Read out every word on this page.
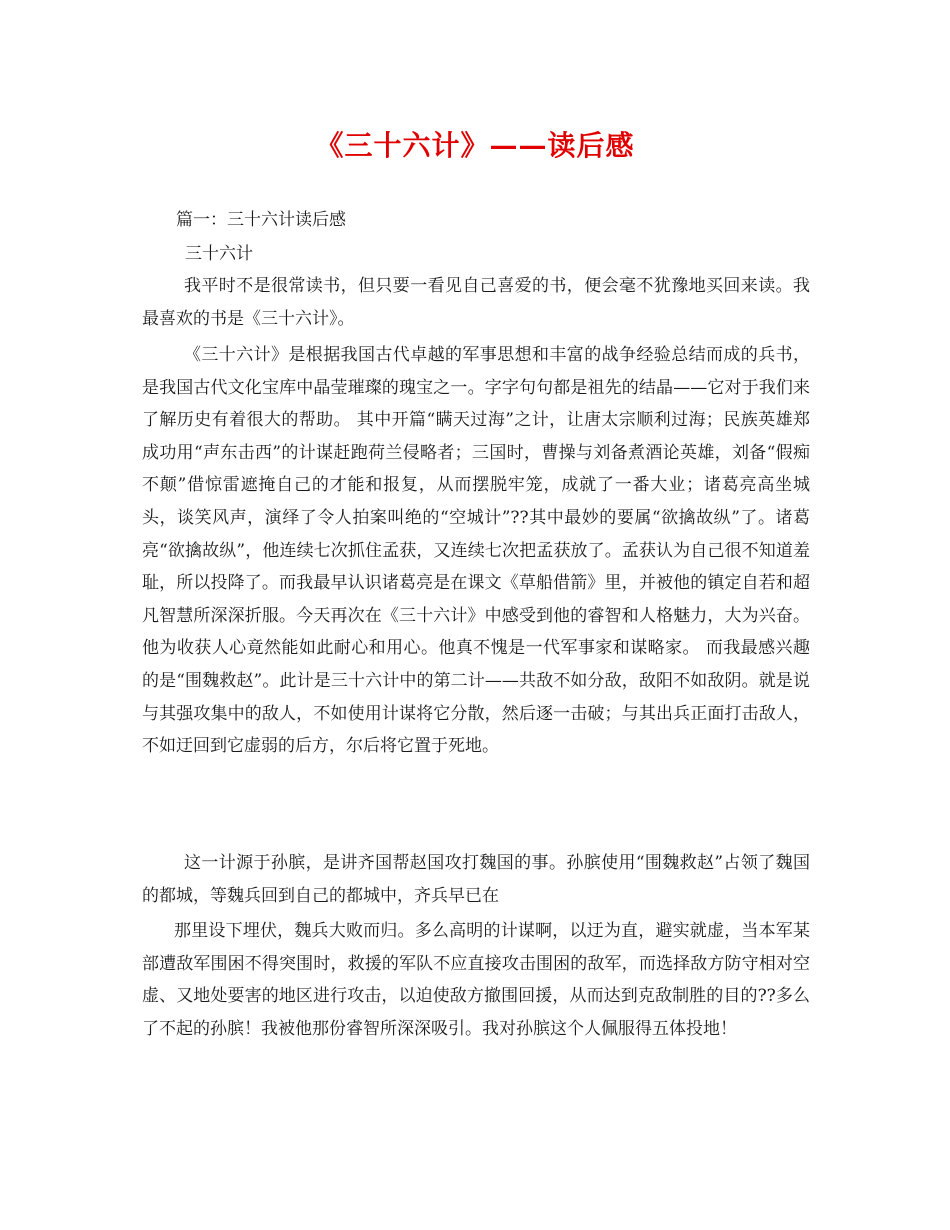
《三十六计》——读后感
篇一：三十六计读后感
三十六计

我平时不是很常读书，但只要一看见自己喜爱的书，便会毫不犹豫地买回来读。我最喜欢的书是《三十六计》。

《三十六计》是根据我国古代卓越的军事思想和丰富的战争经验总结而成的兵书，是我国古代文化宝库中晶莹璀璨的瑰宝之一。字字句句都是祖先的结晶——它对于我们来了解历史有着很大的帮助。 其中开篇“瞒天过海”之计，让唐太宗顺利过海；民族英雄郑成功用“声东击西”的计谋赶跑荷兰侵略者；三国时，曹操与刘备煮酒论英雄，刘备“假痴不颠”借惊雷遮掩自己的才能和报复，从而摆脱牢笼，成就了一番大业；诸葛亮高坐城头，谈笑风声，演绎了令人拍案叫绝的“空城计”??其中最妙的要属“欲擒故纵”了。诸葛亮“欲擒故纵”，他连续七次抓住孟获，又连续七次把孟获放了。孟获认为自己很不知道羞耻，所以投降了。而我最早认识诸葛亮是在课文《草船借箭》里，并被他的镇定自若和超凡智慧所深深折服。今天再次在《三十六计》中感受到他的睿智和人格魅力，大为兴奋。他为收获人心竟然能如此耐心和用心。他真不愧是一代军事家和谋略家。 而我最感兴趣的是“围魏救赵”。此计是三十六计中的第二计——共敌不如分敌，敌阳不如敌阴。就是说与其强攻集中的敌人，不如使用计谋将它分散，然后逐一击破；与其出兵正面打击敌人，不如迂回到它虚弱的后方，尔后将它置于死地。

这一计源于孙膑，是讲齐国帮赵国攻打魏国的事。孙膑使用“围魏救赵”占领了魏国的都城，等魏兵回到自己的都城中，齐兵早已在

那里设下埋伏，魏兵大败而归。多么高明的计谋啊，以迂为直，避实就虚，当本军某部遭敌军围困不得突围时，救援的军队不应直接攻击围困的敌军，而选择敌方防守相对空虚、又地处要害的地区进行攻击，以迫使敌方撤围回援，从而达到克敌制胜的目的??多么了不起的孙膑！我被他那份睿智所深深吸引。我对孙膑这个人佩服得五体投地！
